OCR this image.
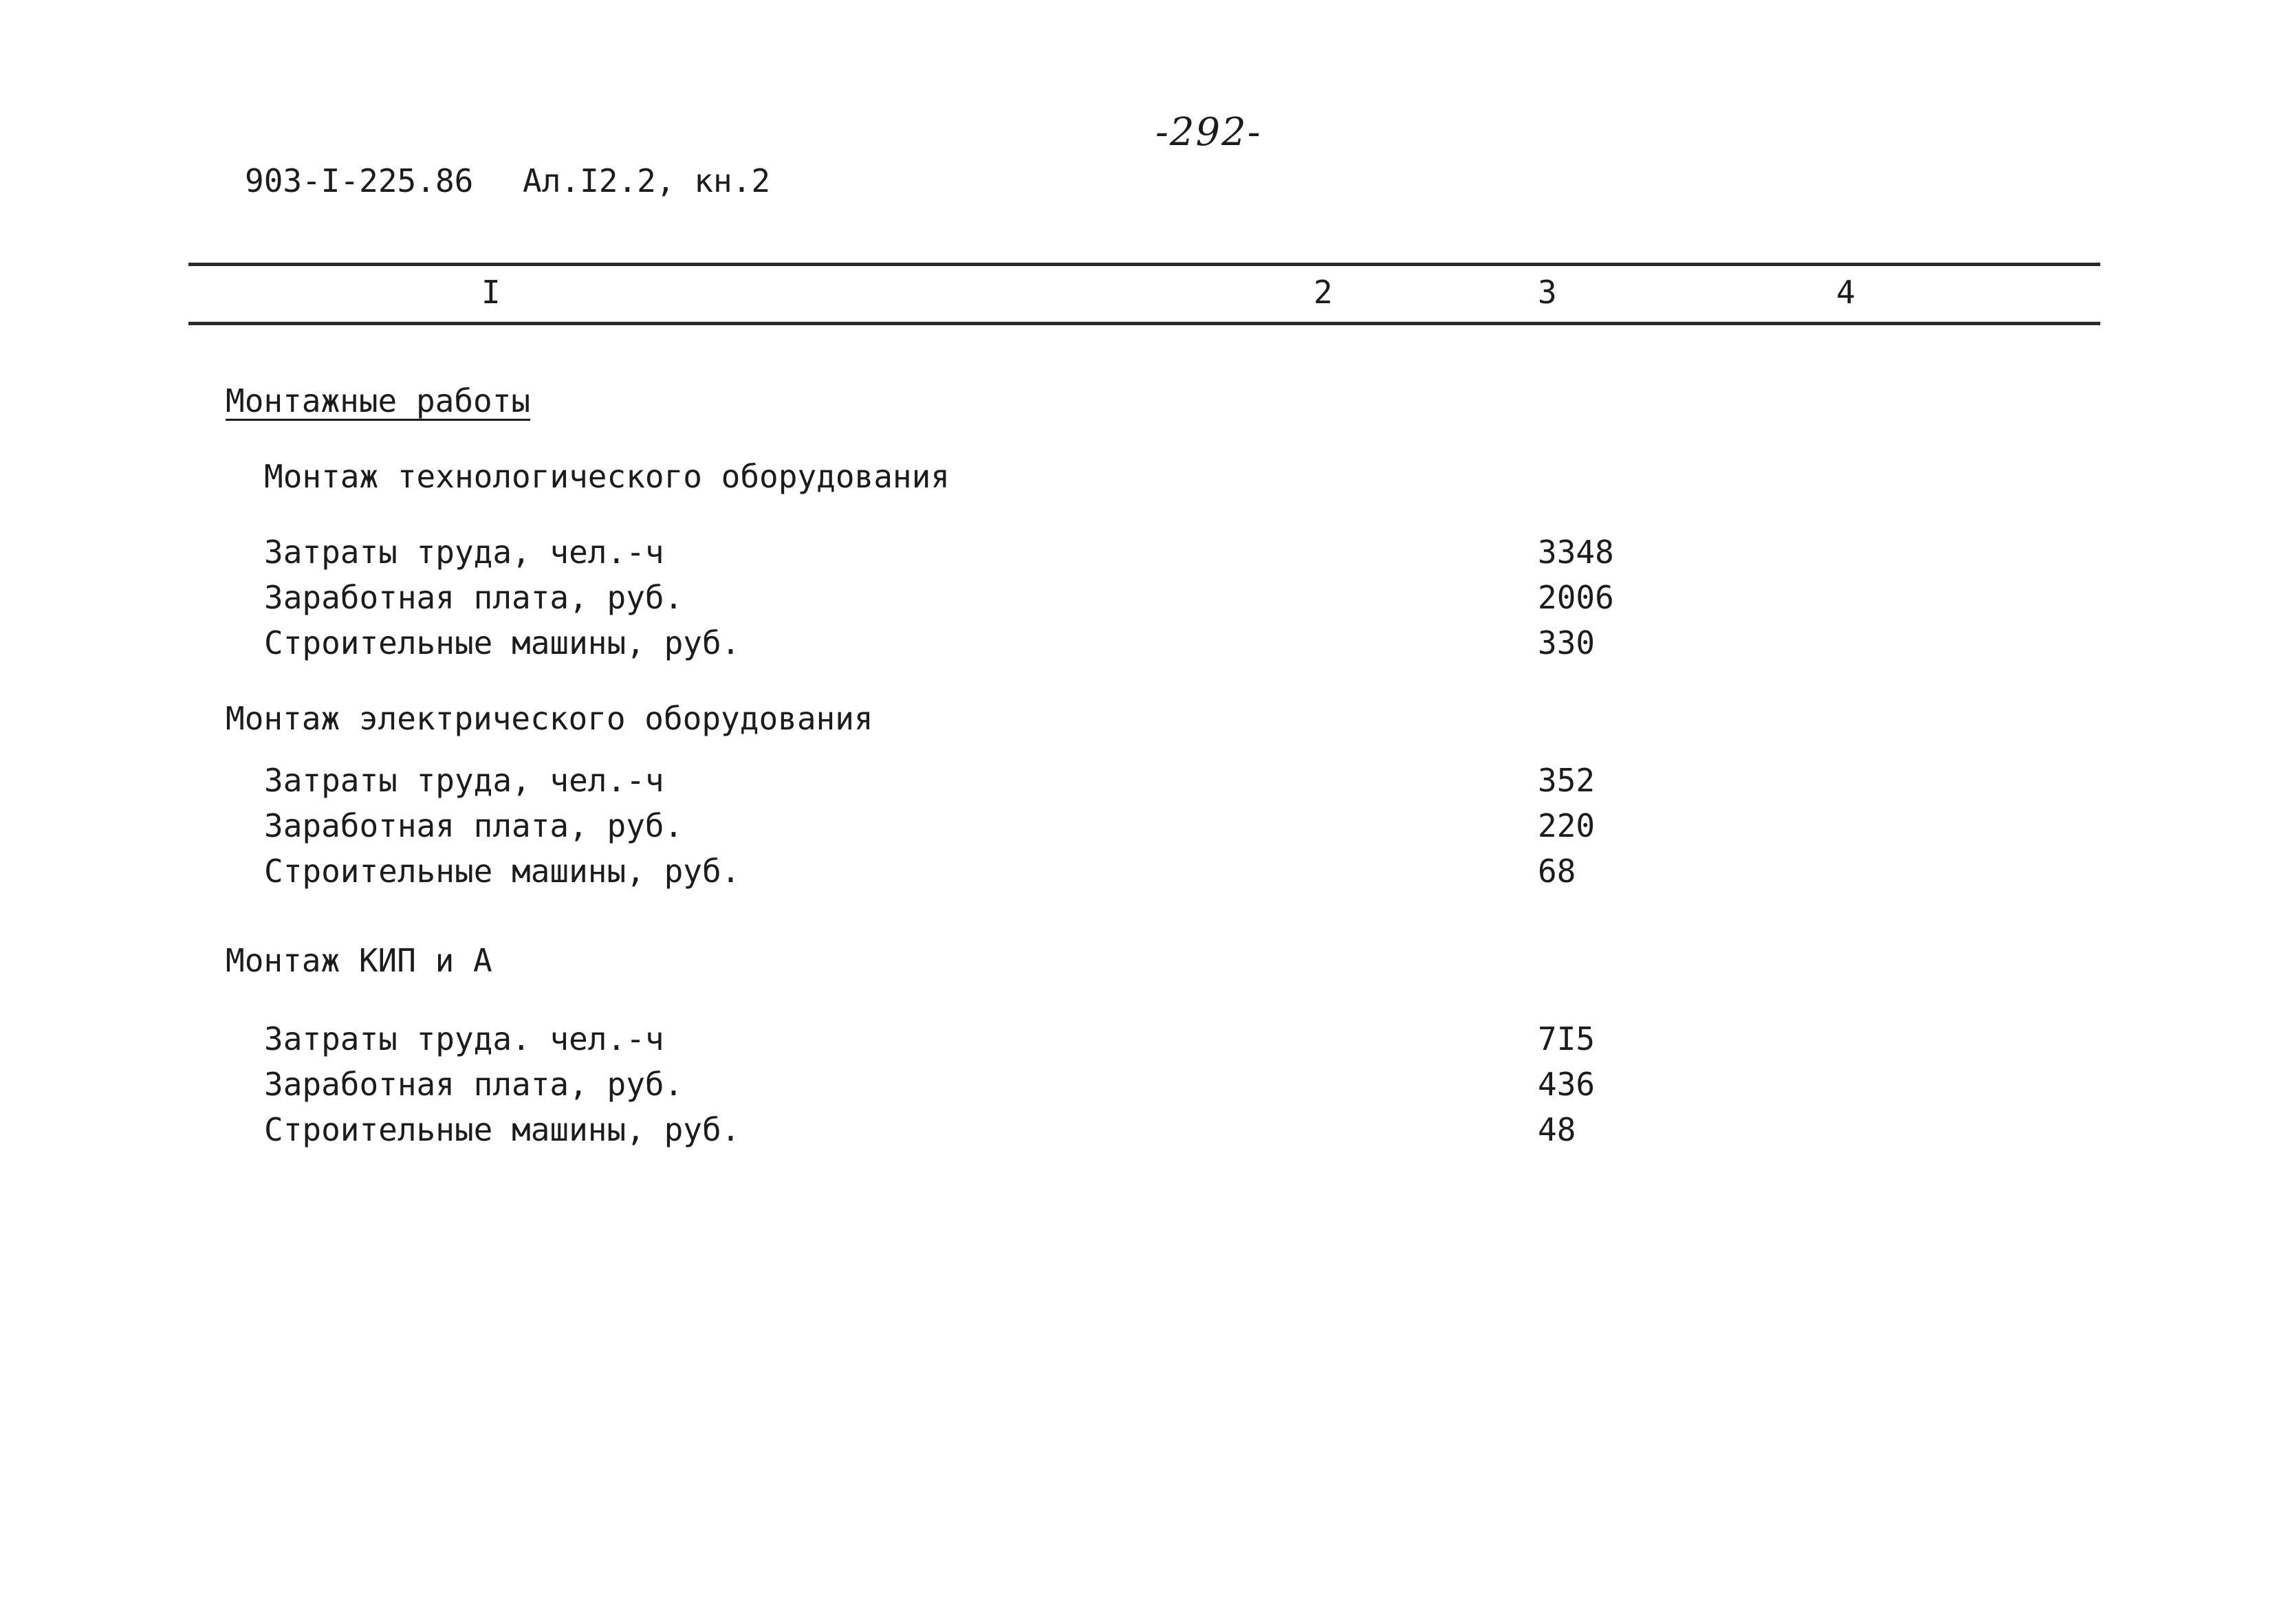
-292-
903-I-225.86 Ал.I2.2, кн.2
I	2	3	4
Монтажные работы
Монтаж технологического оборудования
Затраты труда, чел.-ч	3348
Заработная плата, руб.	2006
Строительные машины, руб.	330
Монтаж электрического оборудования
Затраты труда, чел.-ч	352
Заработная плата, руб.	220
Строительные машины, руб.	68
Монтаж КИП и А
Затраты труда. чел.-ч	7I5
Заработная плата, руб.	436
Строительные машины, руб.	48
